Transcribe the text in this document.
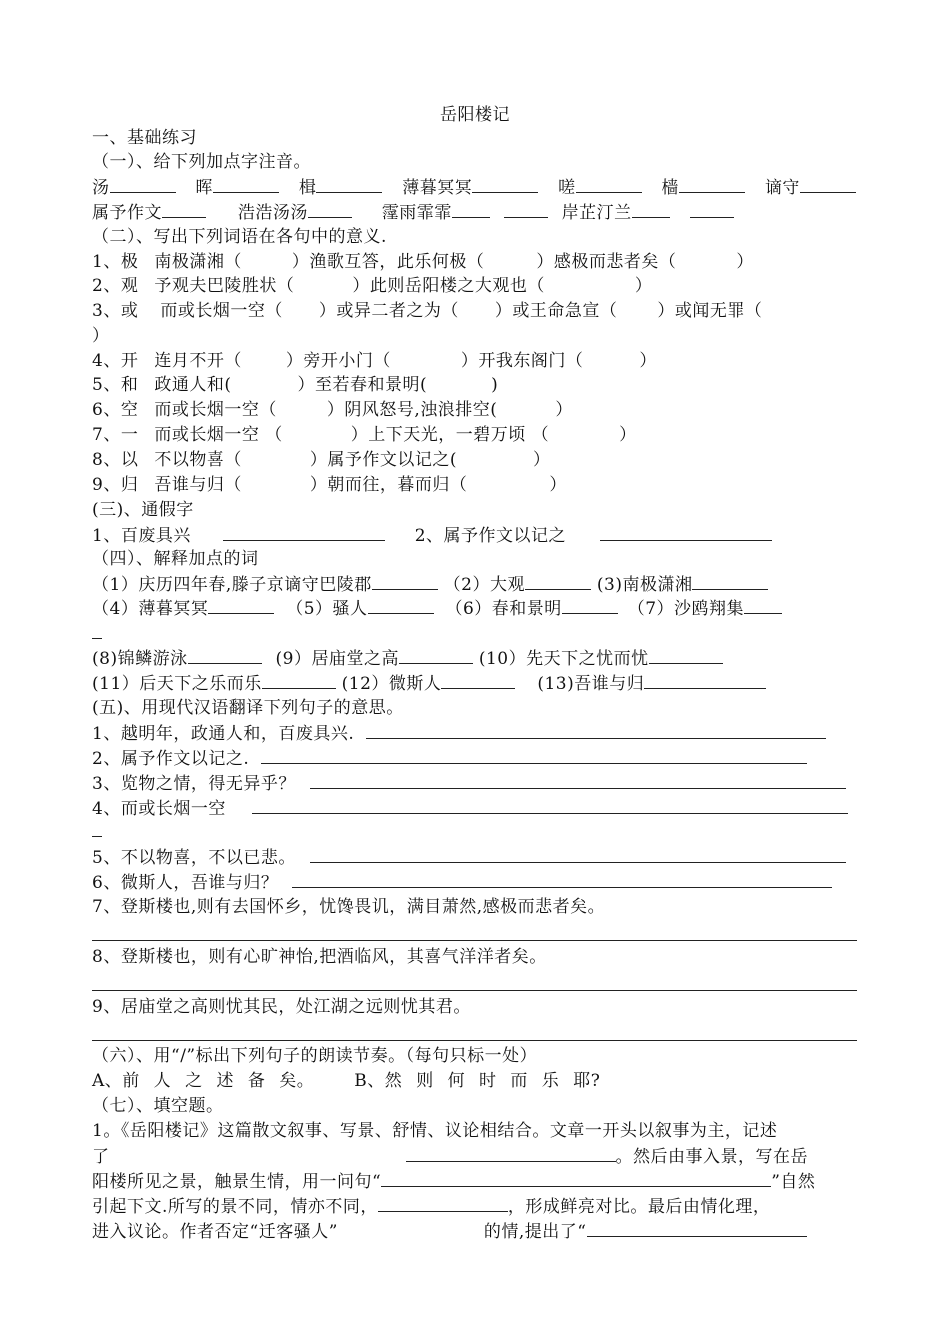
岳阳楼记
一、基础练习
（一）、给下列加点字注音。
汤	晖	楫	薄暮冥冥	嗟	樯	谪守
属予作文	浩浩汤汤	霪雨霏霏	岸芷汀兰
（二）、写出下列词语在各句中的意义.
1、极 南极潇湘（	）渔歌互答，此乐何极（	）感极而悲者矣（	）
2、观 予观夫巴陵胜状（	）此则岳阳楼之大观也（	）
3、或 而或长烟一空（ ）或异二者之为（ ）或王命急宣（ ）或闻无罪（
）
4、开 连月不开（	）旁开小门（	）开我东阁门（	）
5、和 政通人和(	）至若春和景明(	)
6、空 而或长烟一空（	）阴风怒号,浊浪排空(	）
7、一 而或长烟一空 （	）上下天光，一碧万顷 （	）
8、以 不以物喜（	）属予作文以记之(	）
9、归 吾谁与归（	）朝而往，暮而归（	）
(三)、通假字
1、百废具兴	2、属予作文以记之
（四）、解释加点的词
（1）庆历四年春,滕子京谪守巴陵郡	（2）大观	(3)南极潇湘
（4）薄暮冥冥	（5）骚人	（6）春和景明	（7）沙鸥翔集
(8)锦鳞游泳	(9）居庙堂之高	(10）先天下之忧而忧
(11）后天下之乐而乐	(12）微斯人	(13)吾谁与归
(五)、用现代汉语翻译下列句子的意思。
1、越明年，政通人和，百废具兴.
2、属予作文以记之.
3、览物之情，得无异乎？
4、而或长烟一空
5、不以物喜，不以已悲。
6、微斯人，吾谁与归？
7、登斯楼也,则有去国怀乡，忧馋畏讥，满目萧然,感极而悲者矣。
8、登斯楼也，则有心旷神怡,把酒临风，其喜气洋洋者矣。
9、居庙堂之高则忧其民，处江湖之远则忧其君。
（六）、用“/”标出下列句子的朗读节奏。（每句只标一处）
A、前 人 之 述 备 矣。 B、然 则 何 时 而 乐 耶?
（七）、填空题。
1。《岳阳楼记》这篇散文叙事、写景、舒情、议论相结合。文章一开头以叙事为主，记述
了	。然后由事入景，写在岳
阳楼所见之景，触景生情，用一问句“	”自然
引起下文.所写的景不同，情亦不同，	，形成鲜亮对比。最后由情化理，
进入议论。作者否定“迁客骚人”	的情,提出了“
